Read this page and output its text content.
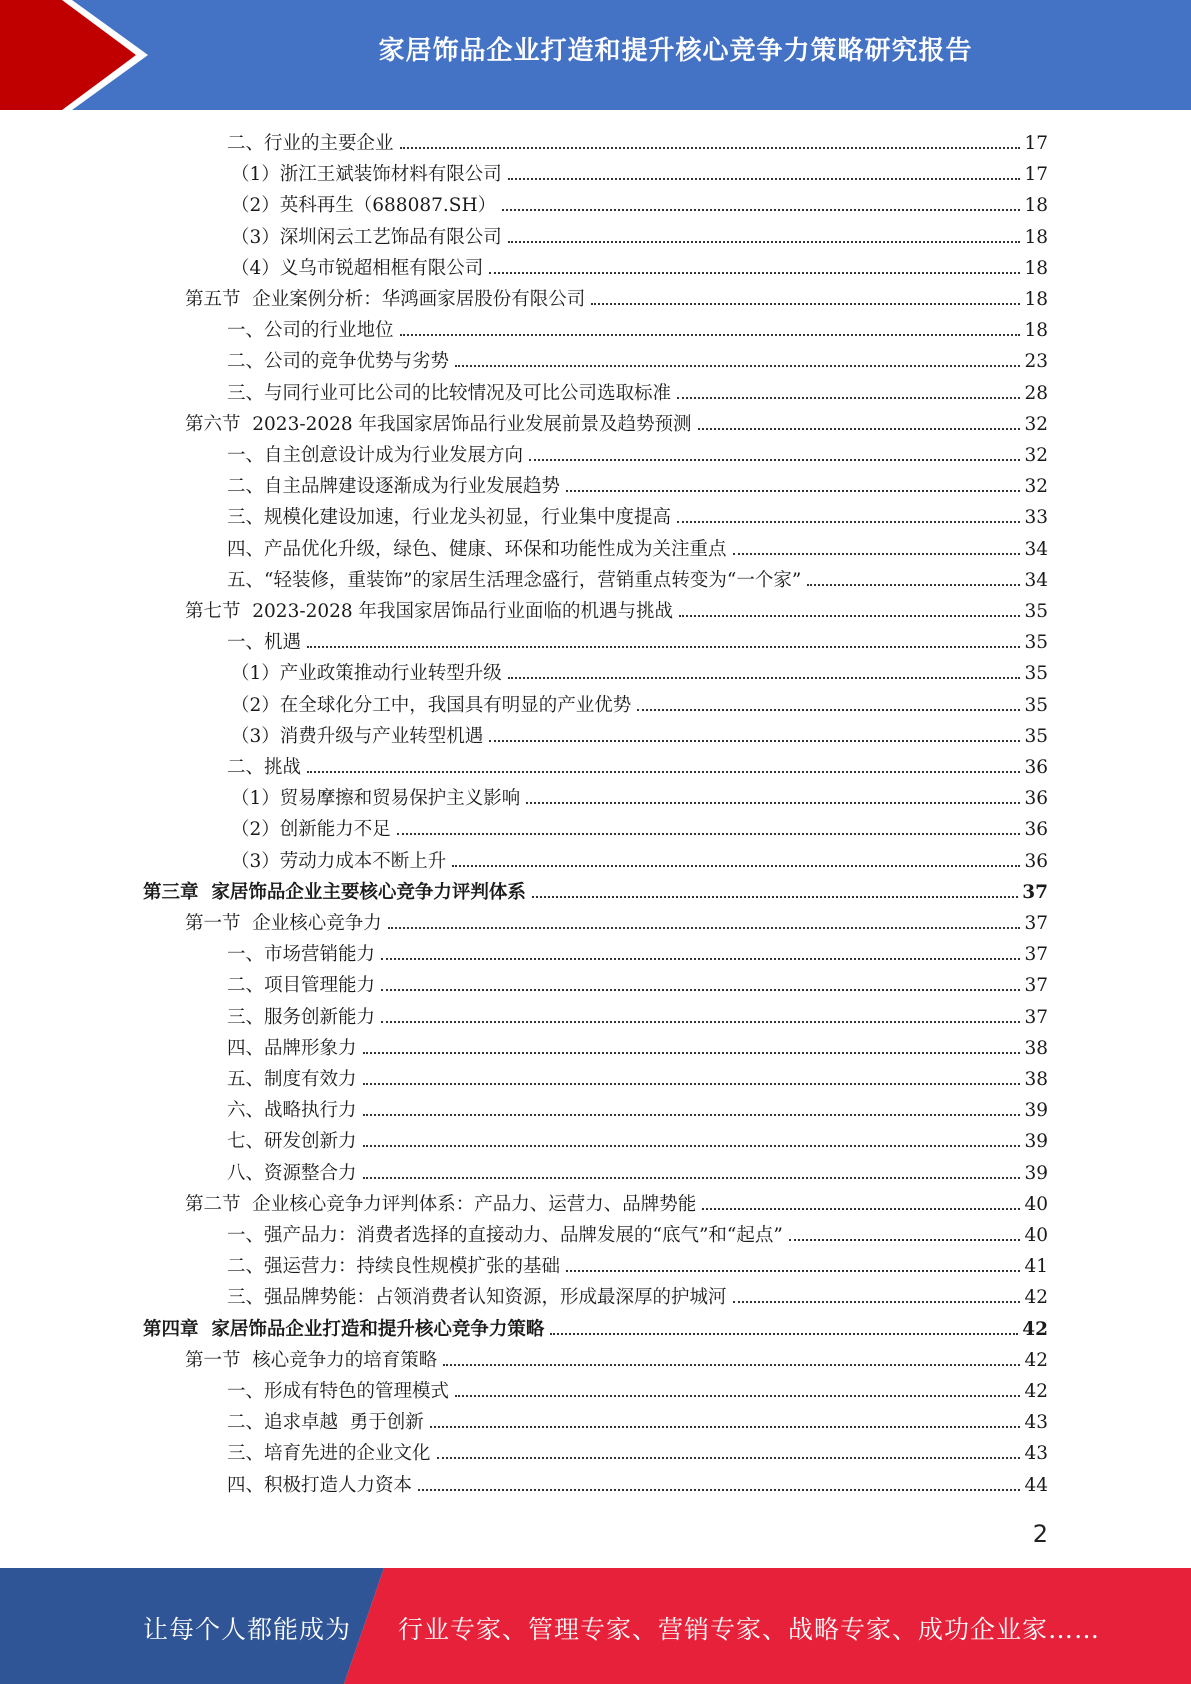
家居饰品企业打造和提升核心竞争力策略研究报告
二、行业的主要企业	17
（1）浙江王斌装饰材料有限公司	17
（2）英科再生（688087.SH）	18
（3）深圳闲云工艺饰品有限公司	18
（4）义乌市锐超相框有限公司	18
第五节  企业案例分析：华鸿画家居股份有限公司	18
一、公司的行业地位	18
二、公司的竞争优势与劣势	23
三、与同行业可比公司的比较情况及可比公司选取标准	28
第六节  2023-2028 年我国家居饰品行业发展前景及趋势预测	32
一、自主创意设计成为行业发展方向	32
二、自主品牌建设逐渐成为行业发展趋势	32
三、规模化建设加速，行业龙头初显，行业集中度提高	33
四、产品优化升级，绿色、健康、环保和功能性成为关注重点	34
五、“轻装修，重装饰”的家居生活理念盛行，营销重点转变为“一个家”	34
第七节  2023-2028 年我国家居饰品行业面临的机遇与挑战	35
一、机遇	35
（1）产业政策推动行业转型升级	35
（2）在全球化分工中，我国具有明显的产业优势	35
（3）消费升级与产业转型机遇	35
二、挑战	36
（1）贸易摩擦和贸易保护主义影响	36
（2）创新能力不足	36
（3）劳动力成本不断上升	36
第三章  家居饰品企业主要核心竞争力评判体系	37
第一节  企业核心竞争力	37
一、市场营销能力	37
二、项目管理能力	37
三、服务创新能力	37
四、品牌形象力	38
五、制度有效力	38
六、战略执行力	39
七、研发创新力	39
八、资源整合力	39
第二节  企业核心竞争力评判体系：产品力、运营力、品牌势能	40
一、强产品力：消费者选择的直接动力、品牌发展的“底气”和“起点”	40
二、强运营力：持续良性规模扩张的基础	41
三、强品牌势能：占领消费者认知资源，形成最深厚的护城河	42
第四章  家居饰品企业打造和提升核心竞争力策略	42
第一节  核心竞争力的培育策略	42
一、形成有特色的管理模式	42
二、追求卓越  勇于创新	43
三、培育先进的企业文化	43
四、积极打造人力资本	44
2
让每个人都能成为 行业专家、管理专家、营销专家、战略专家、成功企业家……
